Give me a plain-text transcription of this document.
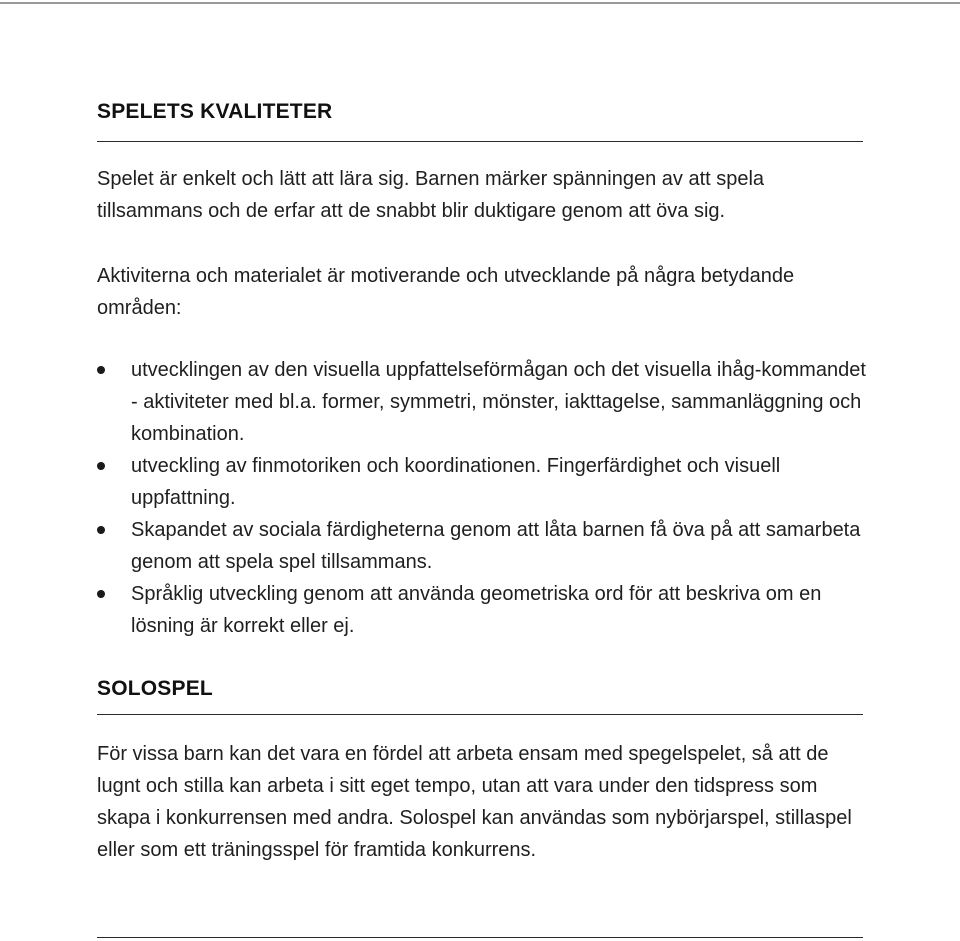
SPELETS KVALITETER

Spelet är enkelt och lätt att lära sig. Barnen märker spänningen av att spela tillsammans och de erfar att de snabbt blir duktigare genom att öva sig.

Aktiviterna och materialet är motiverande och utvecklande på några betydande områden:

utvecklingen av den visuella uppfattelseförmågan och det visuella ihåg-kommandet - aktiviteter med bl.a. former, symmetri, mönster, iakttagelse, sammanläggning och kombination.
utveckling av finmotoriken och koordinationen. Fingerfärdighet och visuell uppfattning.
Skapandet av sociala färdigheterna genom att låta barnen få öva på att samarbeta genom att spela spel tillsammans.
Språklig utveckling genom att använda geometriska ord för att beskriva om en lösning är korrekt eller ej.
SOLOSPEL

För vissa barn kan det vara en fördel att arbeta ensam med spegelspelet, så att de lugnt och stilla kan arbeta i sitt eget tempo, utan att vara under den tidspress som skapa i konkurrensen med andra. Solospel kan användas som nybörjarspel, stillaspel eller som ett träningsspel för framtida konkurrens.
